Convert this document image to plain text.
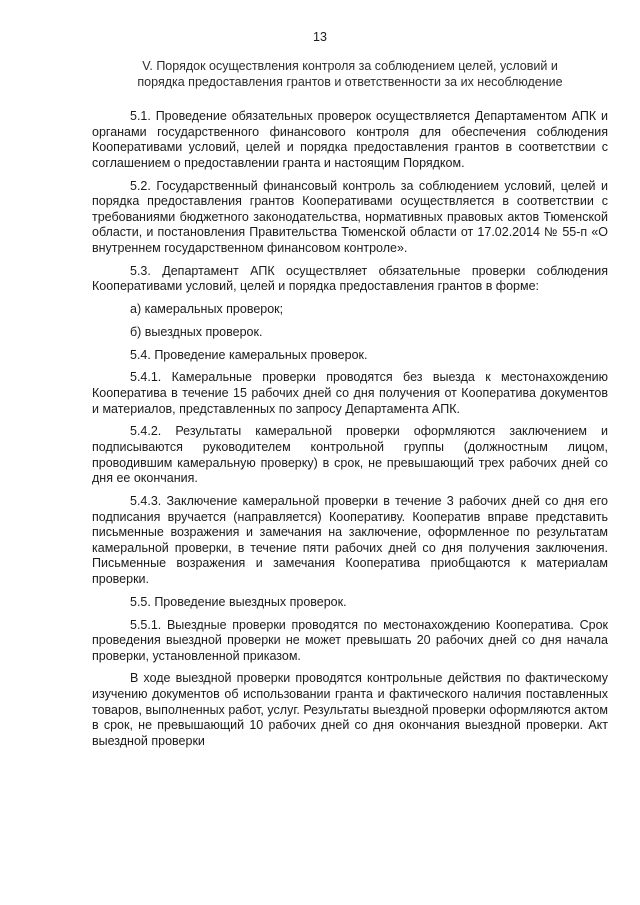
13
V. Порядок осуществления контроля за соблюдением целей, условий и
порядка предоставления грантов и ответственности за их несоблюдение

5.1. Проведение обязательных проверок осуществляется Департаментом АПК и органами государственного финансового контроля для обеспечения соблюдения Кооперативами условий, целей и порядка предоставления грантов в соответствии с соглашением о предоставлении гранта и настоящим Порядком.

5.2. Государственный финансовый контроль за соблюдением условий, целей и порядка предоставления грантов Кооперативами осуществляется в соответствии с требованиями бюджетного законодательства, нормативных правовых актов Тюменской области, и постановления Правительства Тюменской области от 17.02.2014 № 55-п «О внутреннем государственном финансовом контроле».

5.3. Департамент АПК осуществляет обязательные проверки соблюдения Кооперативами условий, целей и порядка предоставления грантов в форме:

а) камеральных проверок;

б) выездных проверок.

5.4. Проведение камеральных проверок.

5.4.1. Камеральные проверки проводятся без выезда к местонахождению Кооператива в течение 15 рабочих дней со дня получения от Кооператива документов и материалов, представленных по запросу Департамента АПК.

5.4.2. Результаты камеральной проверки оформляются заключением и подписываются руководителем контрольной группы (должностным лицом, проводившим камеральную проверку) в срок, не превышающий трех рабочих дней со дня ее окончания.

5.4.3. Заключение камеральной проверки в течение 3 рабочих дней со дня его подписания вручается (направляется) Кооперативу. Кооператив вправе представить письменные возражения и замечания на заключение, оформленное по результатам камеральной проверки, в течение пяти рабочих дней со дня получения заключения. Письменные возражения и замечания Кооператива приобщаются к материалам проверки.

5.5. Проведение выездных проверок.

5.5.1. Выездные проверки проводятся по местонахождению Кооператива. Срок проведения выездной проверки не может превышать 20 рабочих дней со дня начала проверки, установленной приказом.

В ходе выездной проверки проводятся контрольные действия по фактическому изучению документов об использовании гранта и фактического наличия поставленных товаров, выполненных работ, услуг. Результаты выездной проверки оформляются актом в срок, не превышающий 10 рабочих дней со дня окончания выездной проверки. Акт выездной проверки
